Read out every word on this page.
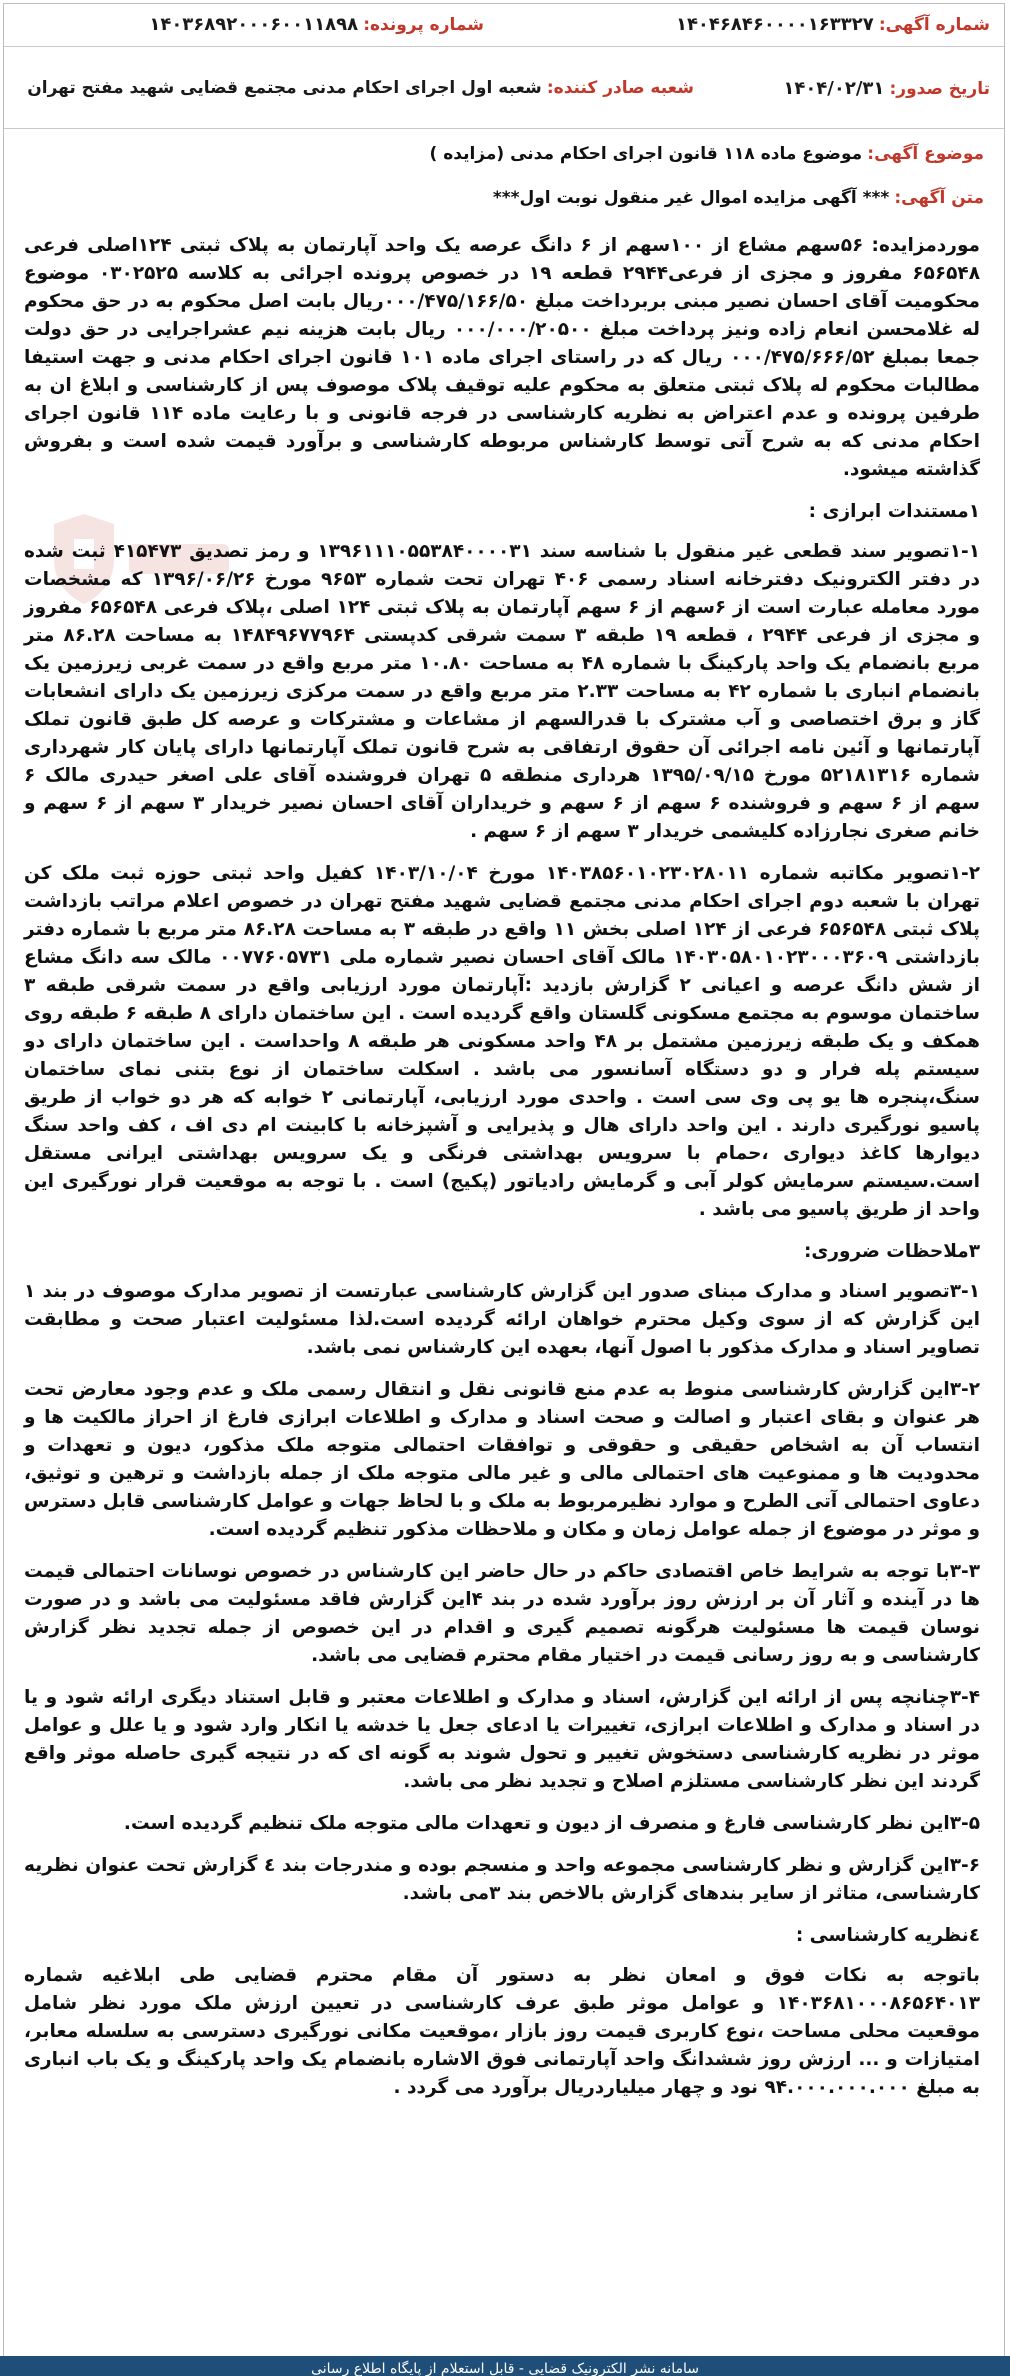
شماره آگهی: ۱۴۰۴۶۸۴۶۰۰۰۰۱۶۳۳۲۷
شماره پرونده: ۱۴۰۳۶۸۹۲۰۰۰۶۰۰۱۱۸۹۸
تاریخ صدور: ۱۴۰۴/۰۲/۳۱
شعبه صادر کننده: شعبه اول اجرای احکام مدنی مجتمع قضایی شهید مفتح تهران
موضوع آگهی: موضوع ماده ۱۱۸ قانون اجرای احکام مدنی (مزایده )
متن آگهی: *** آگهی مزایده اموال غیر منقول نوبت اول***

موردمزایده: ۵۶سهم مشاع از ۱۰۰سهم از ۶ دانگ عرصه یک واحد آپارتمان به پلاک ثبتی ۱۲۴اصلی فرعی ۶۵۶۵۴۸ مفروز و مجزی از فرعی۲۹۴۴ قطعه ۱۹ در خصوص پرونده اجرائی به کلاسه ۰۳۰۲۵۲۵ موضوع محکومیت آقای احسان نصیر مبنی بربرداخت مبلغ ۰۰۰/۴۷۵/۱۶۶/۵۰ریال بابت اصل محکوم به در حق محکوم له غلامحسن انعام زاده ونیز پرداخت مبلغ ۰۰۰/۰۰۰/۲۰۵۰۰ ریال بابت هزینه نیم عشراجرایی در حق دولت جمعا بمبلغ ۰۰۰/۴۷۵/۶۶۶/۵۲ ریال که در راستای اجرای ماده ۱۰۱ قانون اجرای احکام مدنی و جهت استیفا مطالبات محکوم له پلاک ثبتی متعلق به محکوم علیه توقیف پلاک موصوف پس از کارشناسی و ابلاغ ان به طرفین پرونده و عدم اعتراض به نظریه کارشناسی در فرجه قانونی و با رعایت ماده ۱۱۴ قانون اجرای احکام مدنی که به شرح آتی توسط کارشناس مربوطه کارشناسی و برآورد قیمت شده است و بفروش گذاشته میشود.

۱مستندات ابرازی :

۱-۱تصویر سند قطعی غیر منقول با شناسه سند ۱۳۹۶۱۱۱۰۵۵۳۸۴۰۰۰۰۳۱ و رمز تصدیق ۴۱۵۴۷۳ ثبت شده در دفتر الکترونیک دفترخانه اسناد رسمی ۴۰۶ تهران تحت شماره ۹۶۵۳ مورخ ۱۳۹۶/۰۶/۲۶ که مشخصات مورد معامله عبارت است از ۶سهم از ۶ سهم آپارتمان به پلاک ثبتی ۱۲۴ اصلی ،پلاک فرعی ۶۵۶۵۴۸ مفروز و مجزی از فرعی ۲۹۴۴ ، قطعه ۱۹ طبقه ۳ سمت شرقی کدپستی ۱۴۸۴۹۶۷۷۹۶۴ به مساحت ۸۶.۲۸ متر مربع بانضمام یک واحد پارکینگ با شماره ۴۸ به مساحت ۱۰.۸۰ متر مربع واقع در سمت غربی زیرزمین یک بانضمام انباری با شماره ۴۲ به مساحت ۲.۳۳ متر مربع واقع در سمت مرکزی زیرزمین یک دارای انشعابات گاز و برق اختصاصی و آب مشترک با قدرالسهم از مشاعات و مشترکات و عرصه کل طبق قانون تملک آپارتمانها و آئین نامه اجرائی آن حقوق ارتفاقی به شرح قانون تملک آپارتمانها دارای پایان کار شهرداری شماره ۵۲۱۸۱۳۱۶ مورخ ۱۳۹۵/۰۹/۱۵ هرداری منطقه ۵ تهران فروشنده آقای علی اصغر حیدری مالک ۶ سهم از ۶ سهم و فروشنده ۶ سهم از ۶ سهم و خریداران آقای احسان نصیر خریدار ۳ سهم از ۶ سهم و خانم صغری نجارزاده کلیشمی خریدار ۳ سهم از ۶ سهم .

۱-۲تصویر مکاتبه شماره ۱۴۰۳۸۵۶۰۱۰۲۳۰۲۸۰۱۱ مورخ ۱۴۰۳/۱۰/۰۴ کفیل واحد ثبتی حوزه ثبت ملک کن تهران با شعبه دوم اجرای احکام مدنی مجتمع قضایی شهید مفتح تهران در خصوص اعلام مراتب بازداشت پلاک ثبتی ۶۵۶۵۴۸ فرعی از ۱۲۴ اصلی بخش ۱۱ واقع در طبقه ۳ به مساحت ۸۶.۲۸ متر مربع با شماره دفتر بازداشتی ۱۴۰۳۰۵۸۰۱۰۲۳۰۰۰۳۶۰۹ مالک آقای احسان نصیر شماره ملی ۰۰۷۷۶۰۵۷۳۱ مالک سه دانگ مشاع از شش دانگ عرصه و اعیانی ۲ گزارش بازدید :آپارتمان مورد ارزیابی واقع در سمت شرقی طبقه ۳ ساختمان موسوم به مجتمع مسکونی گلستان واقع گردیده است . این ساختمان دارای ۸ طبقه ۶ طبقه روی همکف و یک طبقه زیرزمین مشتمل بر ۴۸ واحد مسکونی هر طبقه ۸ واحداست . این ساختمان دارای دو سیستم پله فرار و دو دستگاه آسانسور می باشد . اسکلت ساختمان از نوع بتنی نمای ساختمان سنگ،پنجره ها یو پی وی سی است . واحدی مورد ارزیابی، آپارتمانی ۲ خوابه که هر دو خواب از طریق پاسیو نورگیری دارند . این واحد دارای هال و پذیرایی و آشپزخانه با کابینت ام دی اف ، کف واحد سنگ دیوارها کاغذ دیواری ،حمام با سرویس بهداشتی فرنگی و یک سرویس بهداشتی ایرانی مستقل است.سیستم سرمایش کولر آبی و گرمایش رادیاتور (پکیج) است . با توجه به موقعیت قرار نورگیری این واحد از طریق پاسیو می باشد .

۳ملاحظات ضروری:

۳-۱تصویر اسناد و مدارک مبنای صدور این گزارش کارشناسی عبارتست از تصویر مدارک موصوف در بند ۱ این گزارش که از سوی وکیل محترم خواهان ارائه گردیده است.لذا مسئولیت اعتبار صحت و مطابقت تصاویر اسناد و مدارک مذکور با اصول آنها، بعهده این کارشناس نمی باشد.

۳-۲این گزارش کارشناسی منوط به عدم منع قانونی نقل و انتقال رسمی ملک و عدم وجود معارض تحت هر عنوان و بقای اعتبار و اصالت و صحت اسناد و مدارک و اطلاعات ابرازی فارغ از احراز مالکیت ها و انتساب آن به اشخاص حقیقی و حقوقی و توافقات احتمالی متوجه ملک مذکور، دیون و تعهدات و محدودیت ها و ممنوعیت های احتمالی مالی و غیر مالی متوجه ملک از جمله بازداشت و ترهین و توثیق، دعاوی احتمالی آتی الطرح و موارد نظیرمربوط به ملک و با لحاظ جهات و عوامل کارشناسی قابل دسترس و موثر در موضوع از جمله عوامل زمان و مکان و ملاحظات مذکور تنظیم گردیده است.

۳-۳با توجه به شرایط خاص اقتصادی حاکم در حال حاضر این کارشناس در خصوص نوسانات احتمالی قیمت ها در آینده و آثار آن بر ارزش روز برآورد شده در بند ۴این گزارش فاقد مسئولیت می باشد و در صورت نوسان قیمت ها مسئولیت هرگونه تصمیم گیری و اقدام در این خصوص از جمله تجدید نظر گزارش کارشناسی و به روز رسانی قیمت در اختیار مقام محترم قضایی می باشد.

۳-۴چنانچه پس از ارائه این گزارش، اسناد و مدارک و اطلاعات معتبر و قابل استناد دیگری ارائه شود و یا در اسناد و مدارک و اطلاعات ابرازی، تغییرات یا ادعای جعل یا خدشه یا انکار وارد شود و یا علل و عوامل موثر در نظریه کارشناسی دستخوش تغییر و تحول شوند به گونه ای که در نتیجه گیری حاصله موثر واقع گردند این نظر کارشناسی مستلزم اصلاح و تجدید نظر می باشد.

۳-۵این نظر کارشناسی فارغ و منصرف از دیون و تعهدات مالی متوجه ملک تنظیم گردیده است.

۳-۶این گزارش و نظر کارشناسی مجموعه واحد و منسجم بوده و مندرجات بند ٤ گزارش تحت عنوان نظریه کارشناسی، متاثر از سایر بندهای گزارش بالاخص بند ۳می باشد.

٤نظریه کارشناسی :

باتوجه به نکات فوق و امعان نظر به دستور آن مقام محترم قضایی طی ابلاغیه شماره ۱۴۰۳۶۸۱۰۰۰۸۶۵۶۴۰۱۳ و عوامل موثر طبق عرف کارشناسی در تعیین ارزش ملک مورد نظر شامل موقعیت محلی مساحت ،نوع کاربری قیمت روز بازار ،موقعیت مکانی نورگیری دسترسی به سلسله معابر، امتیازات و ... ارزش روز ششدانگ واحد آپارتمانی فوق الاشاره بانضمام یک واحد پارکینگ و یک باب انباری به مبلغ ۹۴.۰۰۰.۰۰۰.۰۰۰ نود و چهار میلیاردریال برآورد می گردد .

سامانه نشر الکترونیک قضایی - قابل استعلام از پایگاه اطلاع رسانی
